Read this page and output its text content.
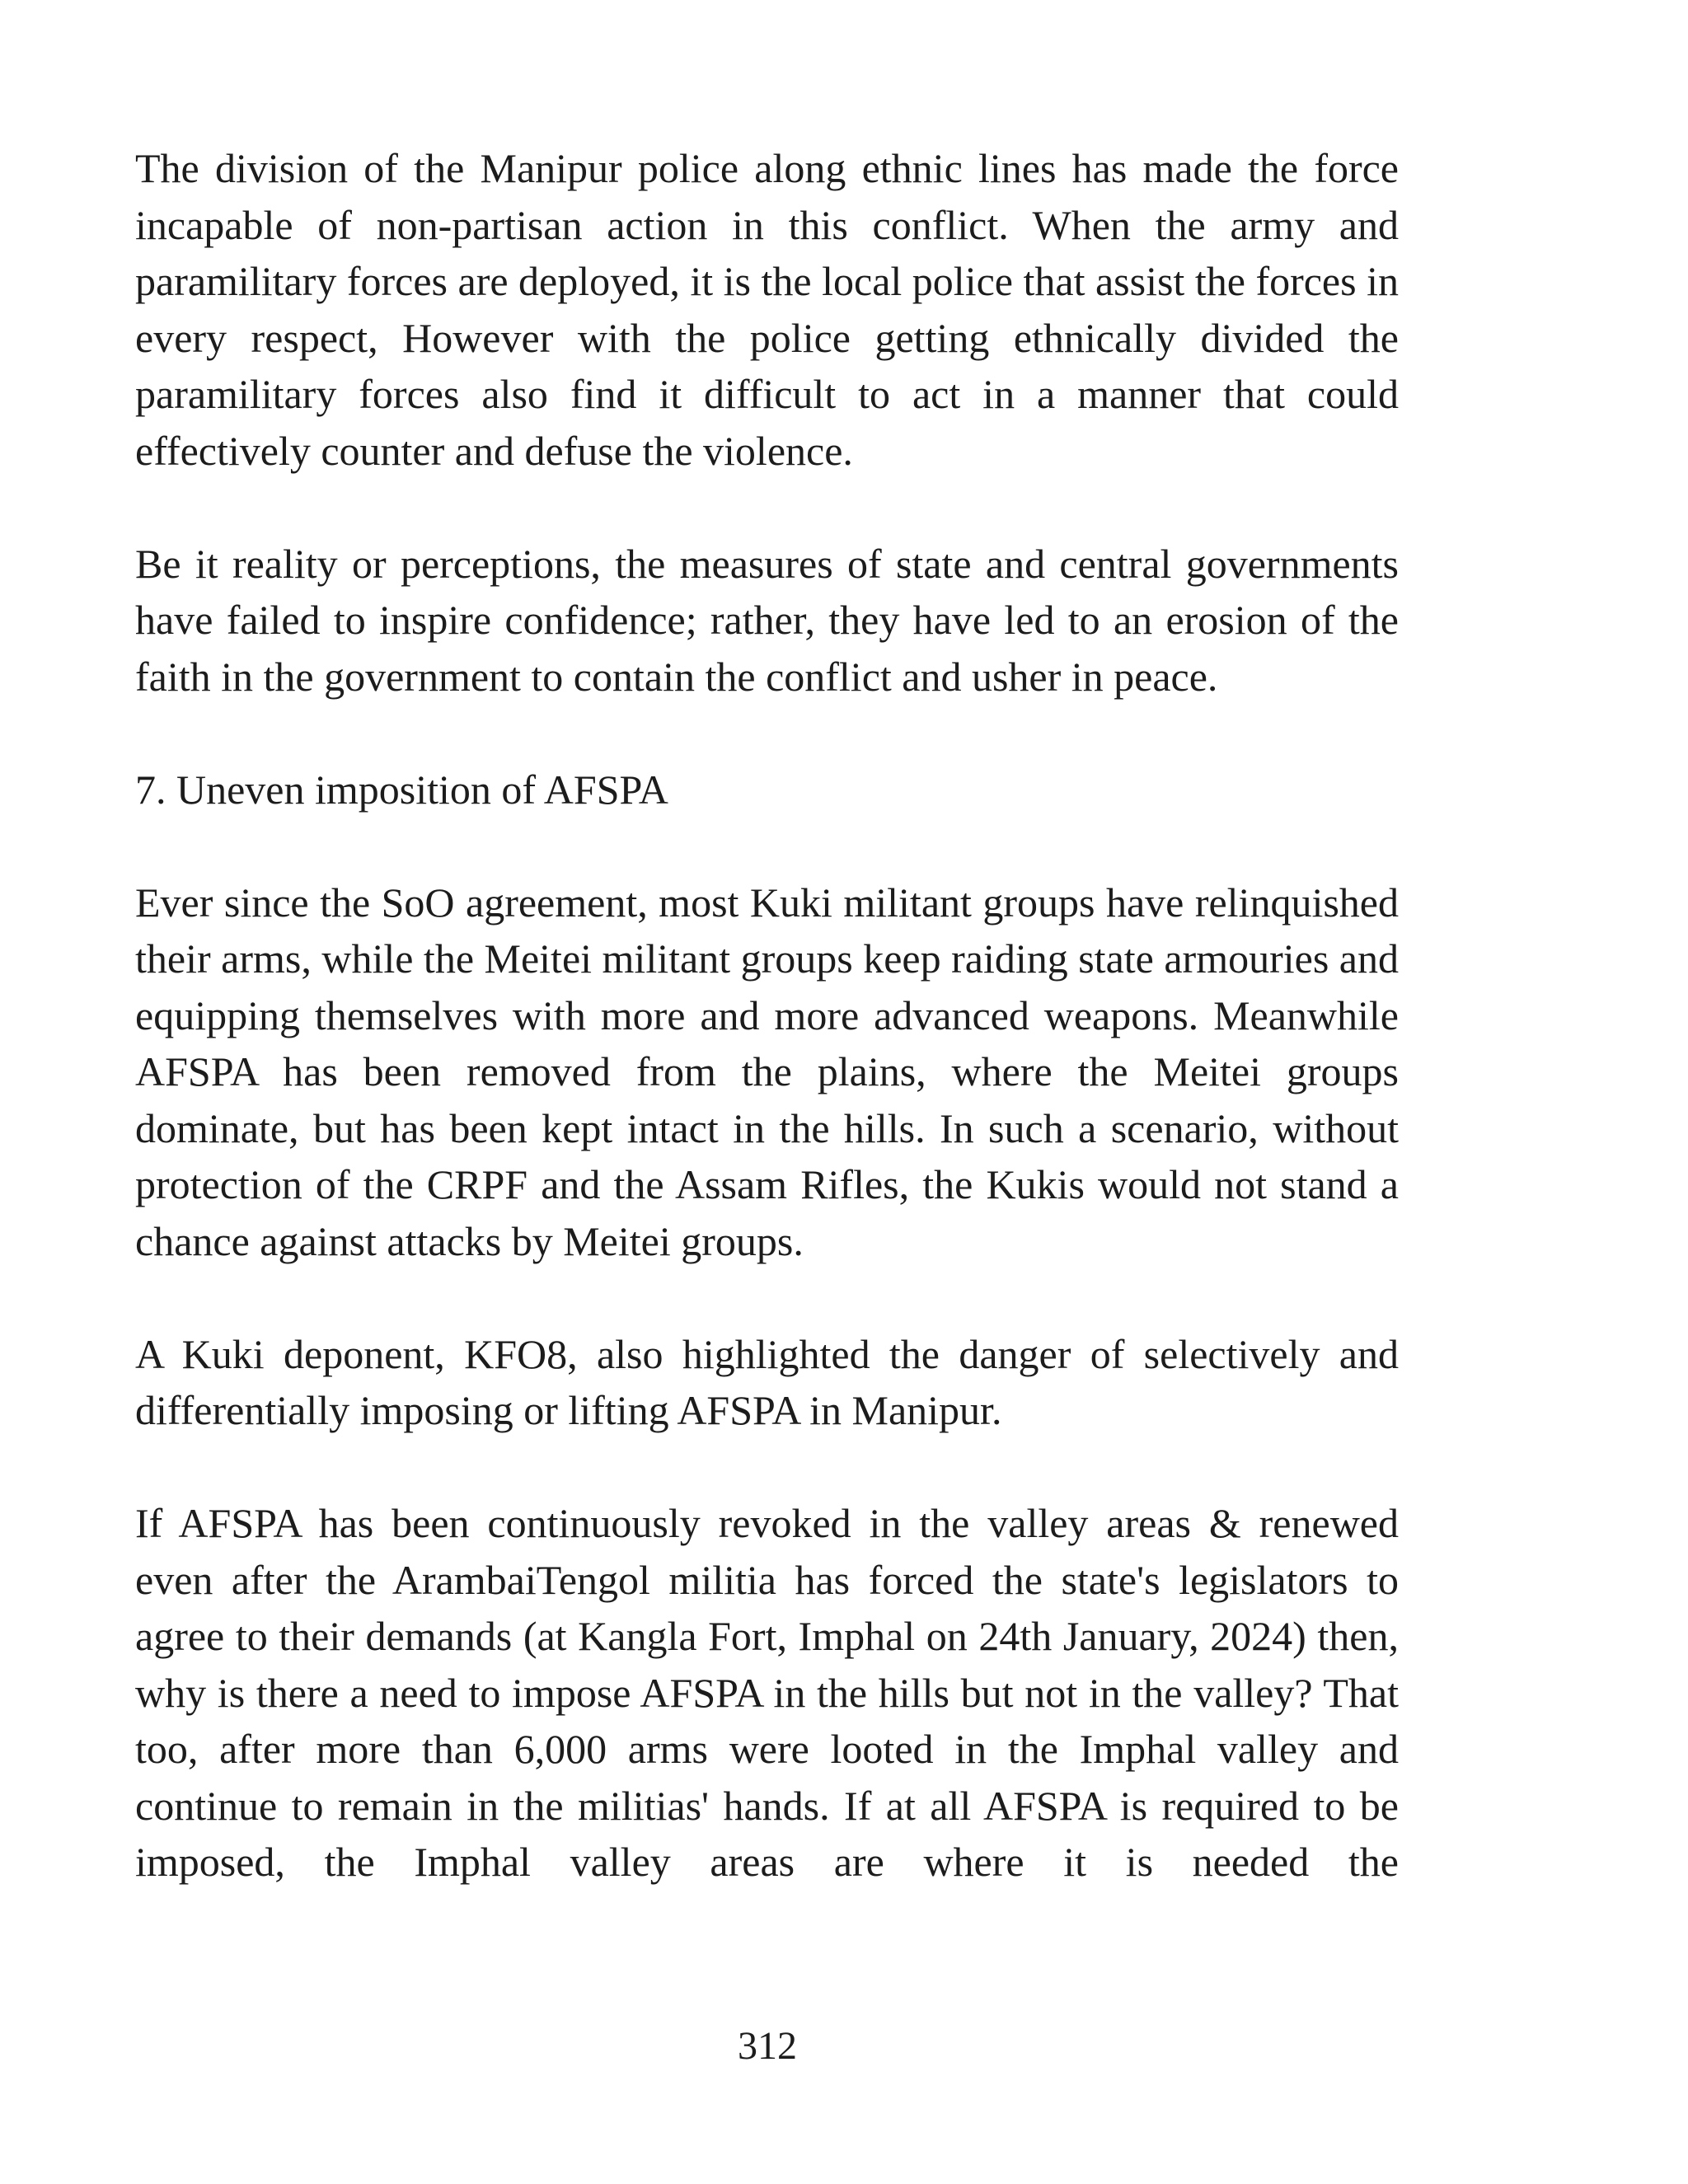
The division of the Manipur police along ethnic lines has made the force incapable of non-partisan action in this conflict. When the army and paramilitary forces are deployed, it is the local police that assist the forces in every respect, However with the police getting ethnically divided the paramilitary forces also find it difficult to act in a manner that could effectively counter and defuse the violence.

Be it reality or perceptions, the measures of state and central governments have failed to inspire confidence; rather, they have led to an erosion of the faith in the government to contain the conflict and usher in peace.

7. Uneven imposition of AFSPA

Ever since the SoO agreement, most Kuki militant groups have relinquished their arms, while the Meitei militant groups keep raiding state armouries and equipping themselves with more and more advanced weapons. Meanwhile AFSPA has been removed from the plains, where the Meitei groups dominate, but has been kept intact in the hills. In such a scenario, without protection of the CRPF and the Assam Rifles, the Kukis would not stand a chance against attacks by Meitei groups.

A Kuki deponent, KFO8, also highlighted the danger of selectively and differentially imposing or lifting AFSPA in Manipur.

If AFSPA has been continuously revoked in the valley areas & renewed even after the ArambaiTengol militia has forced the state's legislators to agree to their demands (at Kangla Fort, Imphal on 24th January, 2024) then, why is there a need to impose AFSPA in the hills but not in the valley? That too, after more than 6,000 arms were looted in the Imphal valley and continue to remain in the militias' hands. If at all AFSPA is required to be imposed, the Imphal valley areas are where it is needed the

312
